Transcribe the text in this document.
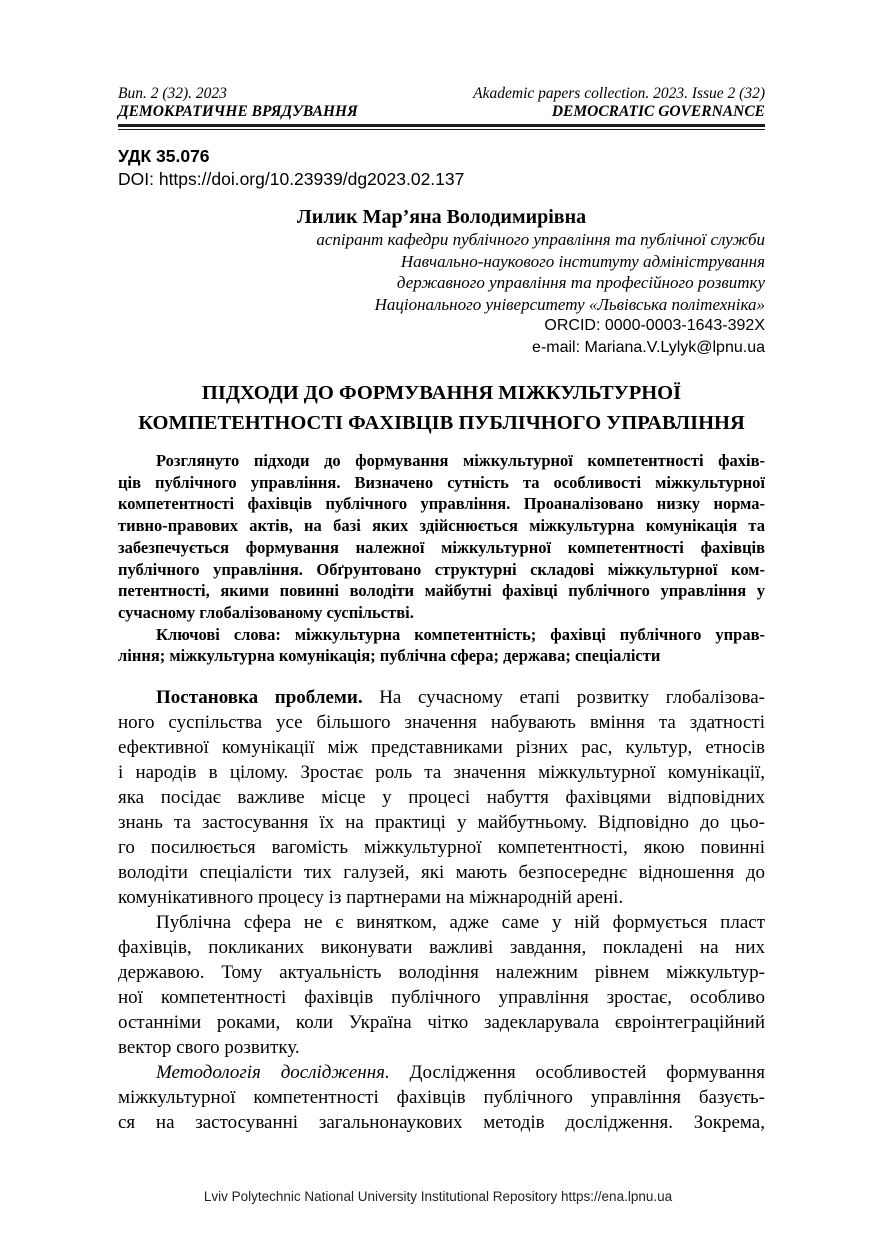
Вип. 2 (32). 2023
ДЕМОКРАТИЧНЕ ВРЯДУВАННЯ
Akademic papers collection. 2023. Issue 2 (32)
DEMOCRATIC GOVERNANCE
УДК 35.076
DOI: https://doi.org/10.23939/dg2023.02.137
Лилик Мар’яна Володимирівна
аспірант кафедри публічного управління та публічної служби
Навчально-наукового інституту адміністрування
державного управління та професійного розвитку
Національного університету «Львівська політехніка»
ORCID: 0000-0003-1643-392X
e-mail: Mariana.V.Lylyk@lpnu.ua
ПІДХОДИ ДО ФОРМУВАННЯ МІЖКУЛЬТУРНОЇ
КОМПЕТЕНТНОСТІ ФАХІВЦІВ ПУБЛІЧНОГО УПРАВЛІННЯ
Розглянуто підходи до формування міжкультурної компетентності фахів-
ців публічного управління. Визначено сутність та особливості міжкультурної
компетентності фахівців публічного управління. Проаналізовано низку норма-
тивно-правових актів, на базі яких здійснюється міжкультурна комунікація та
забезпечується формування належної міжкультурної компетентності фахівців
публічного управління. Обґрунтовано структурні складові міжкультурної ком-
петентності, якими повинні володіти майбутні фахівці публічного управління у
сучасному глобалізованому суспільстві.
Ключові слова: міжкультурна компетентність; фахівці публічного управ-
ління; міжкультурна комунікація; публічна сфера; держава; спеціалісти
Постановка проблеми. На сучасному етапі розвитку глобалізова-
ного суспільства усе більшого значення набувають вміння та здатності
ефективної комунікації між представниками різних рас, культур, етносів
і народів в цілому. Зростає роль та значення міжкультурної комунікації,
яка посідає важливе місце у процесі набуття фахівцями відповідних
знань та застосування їх на практиці у майбутньому. Відповідно до цьо-
го посилюється вагомість міжкультурної компетентності, якою повинні
володіти спеціалісти тих галузей, які мають безпосереднє відношення до
комунікативного процесу із партнерами на міжнародній арені.
Публічна сфера не є винятком, адже саме у ній формується пласт
фахівців, покликаних виконувати важливі завдання, покладені на них
державою. Тому актуальність володіння належним рівнем міжкультур-
ної компетентності фахівців публічного управління зростає, особливо
останніми роками, коли Україна чітко задекларувала євроінтеграційний
вектор свого розвитку.
Методологія дослідження. Дослідження особливостей формування
міжкультурної компетентності фахівців публічного управління базуєть-
ся на застосуванні загальнонаукових методів дослідження. Зокрема,
Lviv Polytechnic National University Institutional Repository https://ena.lpnu.ua
